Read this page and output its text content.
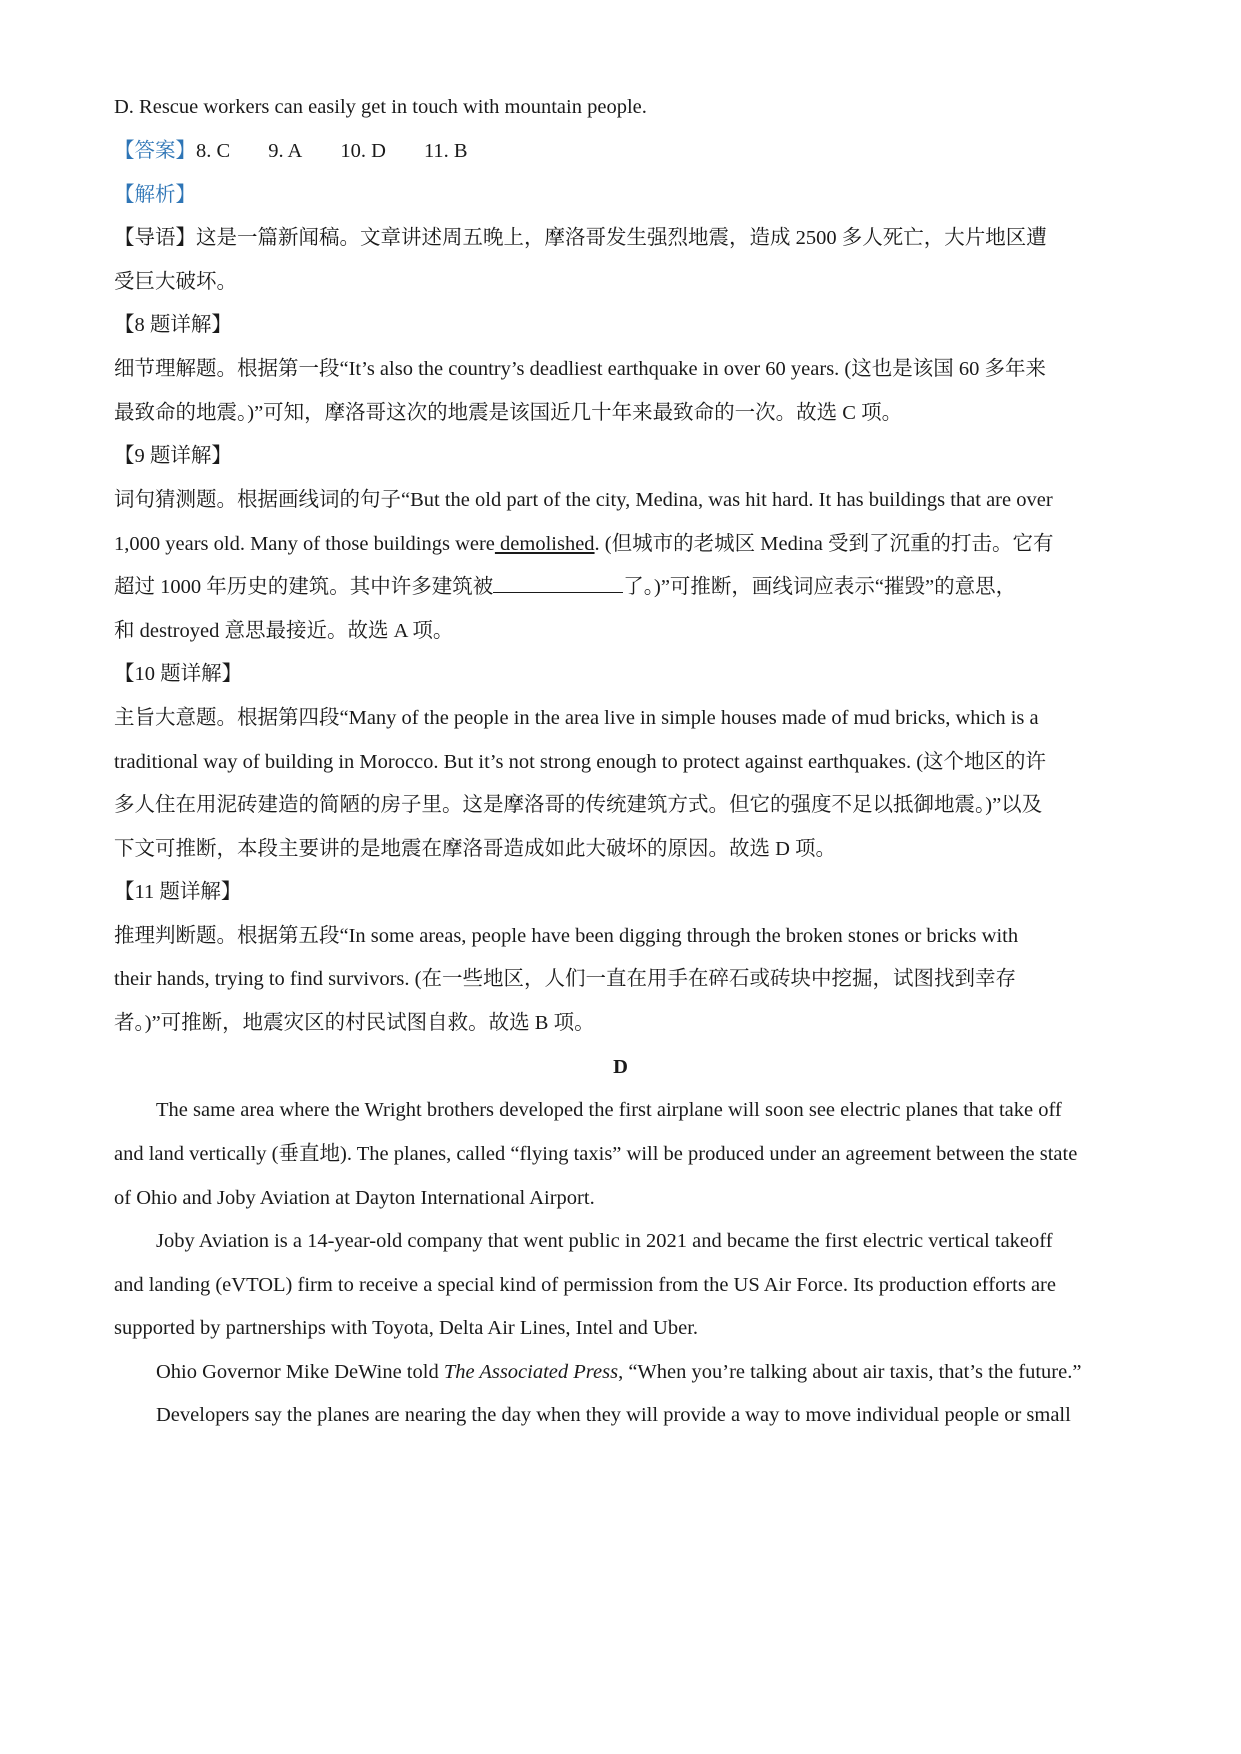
D. Rescue workers can easily get in touch with mountain people.
【答案】8. C 9. A 10. D 11. B
【解析】
【导语】这是一篇新闻稿。文章讲述周五晚上，摩洛哥发生强烈地震，造成 2500 多人死亡，大片地区遭
受巨大破坏。
【8 题详解】
细节理解题。根据第一段“It’s also the country’s deadliest earthquake in over 60 years. (这也是该国 60 多年来
最致命的地震。)”可知，摩洛哥这次的地震是该国近几十年来最致命的一次。故选 C 项。
【9 题详解】
词句猜测题。根据画线词的句子“But the old part of the city, Medina, was hit hard. It has buildings that are over
1,000 years old. Many of those buildings were demolished. (但城市的老城区 Medina 受到了沉重的打击。它有
超过 1000 年历史的建筑。其中许多建筑被	了。)”可推断，画线词应表示“摧毁”的意思，
和 destroyed 意思最接近。故选 A 项。
【10 题详解】
主旨大意题。根据第四段“Many of the people in the area live in simple houses made of mud bricks, which is a
traditional way of building in Morocco. But it’s not strong enough to protect against earthquakes. (这个地区的许
多人住在用泥砖建造的简陋的房子里。这是摩洛哥的传统建筑方式。但它的强度不足以抵御地震。)”以及
下文可推断，本段主要讲的是地震在摩洛哥造成如此大破坏的原因。故选 D 项。
【11 题详解】
推理判断题。根据第五段“In some areas, people have been digging through the broken stones or bricks with
their hands, trying to find survivors. (在一些地区，人们一直在用手在碎石或砖块中挖掘，试图找到幸存
者。)”可推断，地震灾区的村民试图自救。故选 B 项。
D
The same area where the Wright brothers developed the first airplane will soon see electric planes that take off
and land vertically (垂直地). The planes, called “flying taxis” will be produced under an agreement between the state
of Ohio and Joby Aviation at Dayton International Airport.
Joby Aviation is a 14-year-old company that went public in 2021 and became the first electric vertical takeoff
and landing (eVTOL) firm to receive a special kind of permission from the US Air Force. Its production efforts are
supported by partnerships with Toyota, Delta Air Lines, Intel and Uber.
Ohio Governor Mike DeWine told The Associated Press, “When you’re talking about air taxis, that’s the future.”
Developers say the planes are nearing the day when they will provide a way to move individual people or small
